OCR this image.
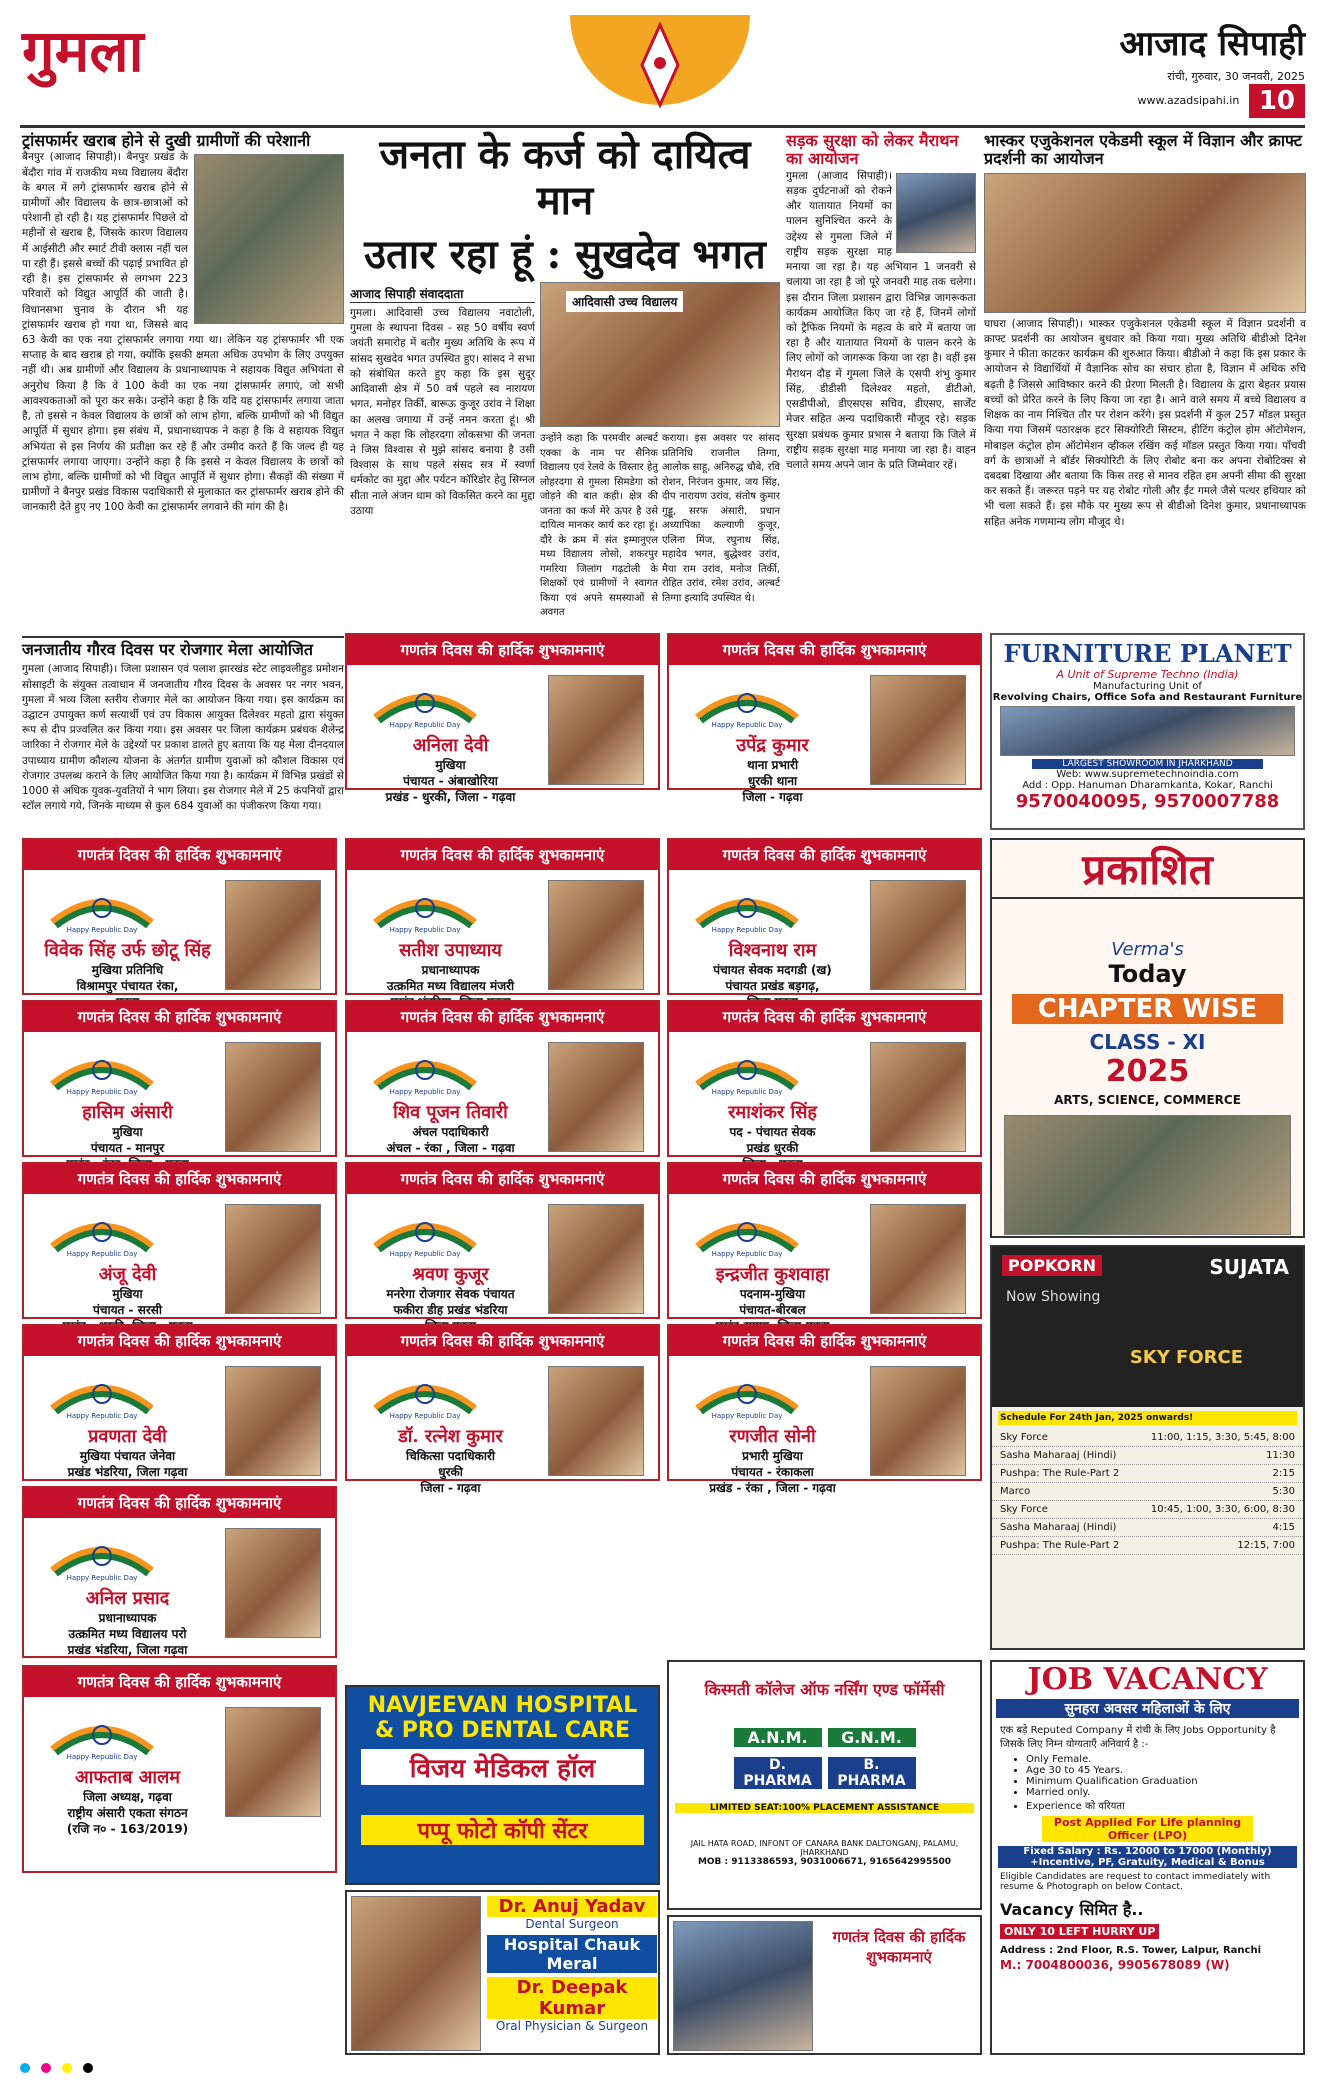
गुमला	आजाद सिपाही
रांची, गुरुवार, 30 जनवरी, 2025
www.azadsipahi.in 10
ट्रांसफार्मर खराब होने से दुखी ग्रामीणों की परेशानी
बैनपुर (आजाद सिपाही)। बैनपुर प्रखंड के बेंदौरा गांव में राजकीय मध्य विद्यालय बेंदौरा के बगल में लगे ट्रांसफार्मर खराब होने से ग्रामीणों और विद्यालय के छात्र-छात्राओं को परेशानी हो रही है। यह ट्रांसफार्मर पिछले दो महीनों से खराब है, जिसके कारण विद्यालय में आईसीटी और स्मार्ट टीवी क्लास नहीं चल पा रही हैं। इससे बच्चों की पढ़ाई प्रभावित हो रही है। इस ट्रांसफार्मर से लगभग 223 परिवारों को विद्युत आपूर्ति की जाती है। विधानसभा चुनाव के दौरान भी यह ट्रांसफार्मर खराब हो गया था, जिससे बाद 63 केवी का एक नया ट्रांसफार्मर लगाया गया था। लेकिन यह ट्रांसफार्मर भी एक सप्ताह के बाद खराब हो गया, क्योंकि इसकी क्षमता अधिक उपभोग के लिए उपयुक्त नहीं थी। अब ग्रामीणों और विद्यालय के प्रधानाध्यापक ने सहायक विद्युत अभियंता से अनुरोध किया है कि वे 100 केवी का एक नया ट्रांसफार्मर लगाएं, जो सभी आवश्यकताओं को पूरा कर सके। उन्होंने कहा है कि यदि यह ट्रांसफार्मर लगाया जाता है, तो इससे न केवल विद्यालय के छात्रों को लाभ होगा, बल्कि ग्रामीणों को भी विद्युत आपूर्ति में सुधार होगा। इस संबंध में, प्रधानाध्यापक ने कहा है कि वे सहायक विद्युत अभियंता से इस निर्णय की प्रतीक्षा कर रहे हैं और उम्मीद करते हैं कि जल्द ही यह ट्रांसफार्मर लगाया जाएगा। उन्होंने कहा है कि इससे न केवल विद्यालय के छात्रों को लाभ होगा, बल्कि ग्रामीणों को भी विद्युत आपूर्ति में सुधार होगा। सैकड़ों की संख्या में ग्रामीणों ने बैनपुर प्रखंड विकास पदाधिकारी से मुलाकात कर ट्रांसफार्मर खराब होने की जानकारी देते हुए नए 100 केवी का ट्रांसफार्मर लगवाने की मांग की है।
जनजातीय गौरव दिवस पर रोजगार मेला आयोजित
गुमला (आजाद सिपाही)। जिला प्रशासन एवं पलाश झारखंड स्टेट लाइवलीहुड प्रमोशन सोसाइटी के संयुक्त तत्वाधान में जनजातीय गौरव दिवस के अवसर पर नगर भवन, गुमला में भव्य जिला स्तरीय रोजगार मेले का आयोजन किया गया। इस कार्यक्रम का उद्घाटन उपायुक्त कर्ण सत्यार्थी एवं उप विकास आयुक्त दिलेश्वर महतो द्वारा संयुक्त रूप से दीप प्रज्वलित कर किया गया। इस अवसर पर जिला कार्यक्रम प्रबंधक शैलेन्द्र जारिका ने रोजगार मेले के उद्देश्यों पर प्रकाश डालते हुए बताया कि यह मेला दीनदयाल उपाध्याय ग्रामीण कौशल्य योजना के अंतर्गत ग्रामीण युवाओं को कौशल विकास एवं रोजगार उपलब्ध कराने के लिए आयोजित किया गया है। कार्यक्रम में विभिन्न प्रखंडों से 1000 से अधिक युवक-युवतियों ने भाग लिया। इस रोजगार मेले में 25 कंपनियों द्वारा स्टॉल लगाये गये, जिनके माध्यम से कुल 684 युवाओं का पंजीकरण किया गया।
जनता के कर्ज को दायित्व मान
उतार रहा हूं : सुखदेव भगत
आजाद सिपाही संवाददाता
गुमला। आदिवासी उच्च विद्यालय नवाटोली, गुमला के स्थापना दिवस - सह 50 वर्षीय स्वर्ण जयंती समारोह में बतौर मुख्य अतिथि के रूप में सांसद सुखदेव भगत उपस्थित हुए। सांसद ने सभा को संबोधित करते हुए कहा कि इस सुदूर आदिवासी क्षेत्र में 50 वर्ष पहले स्व नारायण भगत, मनोहर तिर्की, बारूऊ कुजूर उरांव ने शिक्षा का अलख जगाया में उन्हें नमन करता हूं। श्री भगत ने कहा कि लोहरदगा लोकसभा की जनता ने जिस विश्वास से मुझे सांसद बनाया है उसी विश्वास के साथ पहले संसद सत्र में स्वर्णा धर्मकोट का मुद्दा और पर्यटन कॉरिडोर हेतु सिग्नल सीता नाले अंजन धाम को विकसित करने का मुद्दा उठाया
आदिवासी उच्च विद्यालय
उन्होंने कहा कि परमवीर अल्बर्ट एक्का के नाम पर सैनिक विद्यालय एवं रेलवे के विस्तार हेतु लोहरदगा से गुमला सिमडेगा को जोड़ने की बात कही। क्षेत्र की जनता का कर्ज मेरे ऊपर है उसे दायित्व मानकर कार्य कर रहा हूं। दौरे के क्रम में संत इम्मानुएल मध्य विद्यालय लोसो, शकरपुर गमरिया जिलांग गढ़टोली के शिक्षकों एवं ग्रामीणों ने स्वागत किया एवं अपने समस्याओं से अवगत
कराया। इस अवसर पर सांसद प्रतिनिधि राजनील तिग्गा, आलोक साहू, अनिरुद्ध चौबे, रवि रोशन, निरंजन कुमार, जय सिंह, दीप नारायण उरांव, संतोष कुमार गुड्डू, सरफ अंसारी, प्रधान अध्यापिका कल्याणी कुजूर, एलिना मिंज, रघुनाथ सिंह, महादेव भगत, बुद्धेश्वर उरांव, मैया राम उरांव, मनोज तिर्की, रोहित उरांव, रमेश उरांव, अल्बर्ट तिग्गा इत्यादि उपस्थित थे।
सड़क सुरक्षा को लेकर मैराथन का आयोजन
गुमला (आजाद सिपाही)। सड़क दुर्घटनाओं को रोकने और यातायात नियमों का पालन सुनिश्चित करने के उद्देश्य से गुमला जिले में राष्ट्रीय सड़क सुरक्षा माह मनाया जा रहा है। यह अभियान 1 जनवरी से चलाया जा रहा है जो पूरे जनवरी माह तक चलेगा। इस दौरान जिला प्रशासन द्वारा विभिन्न जागरूकता कार्यक्रम आयोजित किए जा रहे हैं, जिनमें लोगों को ट्रैफिक नियमों के महत्व के बारे में बताया जा रहा है और यातायात नियमों के पालन करने के लिए लोगों को जागरूक किया जा रहा है। वहीं इस मैराथन दौड़ में गुमला जिले के एसपी शंभु कुमार सिंह, डीडीसी दिलेश्वर महतो, डीटीओ, एसडीपीओ, डीएसएस सचिव, डीएसए, सार्जेंट मेजर सहित अन्य पदाधिकारी मौजूद रहे। सड़क सुरक्षा प्रबंधक कुमार प्रभास ने बताया कि जिले में राष्ट्रीय सड़क सुरक्षा माह मनाया जा रहा है। वाहन चलाते समय अपने जान के प्रति जिम्मेवार रहें।
भास्कर एजुकेशनल एकेडमी स्कूल में विज्ञान और क्राफ्ट प्रदर्शनी का आयोजन
घाघरा (आजाद सिपाही)। भास्कर एजुकेशनल एकेडमी स्कूल में विज्ञान प्रदर्शनी व क्राफ्ट प्रदर्शनी का आयोजन बुधवार को किया गया। मुख्य अतिथि बीडीओ दिनेश कुमार ने फीता काटकर कार्यक्रम की शुरुआत किया। बीडीओ ने कहा कि इस प्रकार के आयोजन से विद्यार्थियों में वैज्ञानिक सोच का संचार होता है, विज्ञान में अधिक रुचि बढ़ती है जिससे आविष्कार करने की प्रेरणा मिलती है। विद्यालय के द्वारा बेहतर प्रयास बच्चों को प्रेरित करने के लिए किया जा रहा है। आने वाले समय में बच्चे विद्यालय व शिक्षक का नाम निश्चित तौर पर रोशन करेंगे। इस प्रदर्शनी में कुल 257 मॉडल प्रस्तुत किया गया जिसमें पठारक्षक हटर सिक्योरिटी सिस्टम, हीटिंग कंट्रोल होम ऑटोमेशन, मोबाइल कंट्रोल होम ऑटोमेशन व्हीकल रखिंग कई मॉडल प्रस्तुत किया गया। पाँचवी वर्ग के छात्राओं ने बॉर्डर सिक्योरिटी के लिए रोबोट बना कर अपना रोबोटिक्स से दबदबा दिखाया और बताया कि किस तरह से मानव रहित हम अपनी सीमा की सुरक्षा कर सकते हैं। जरूरत पड़ने पर यह रोबोट गोली और ईंट गमले जैसे पत्थर हथियार को भी चला सकते हैं। इस मौके पर मुख्य रूप से बीडीओ दिनेश कुमार, प्रधानाध्यापक सहित अनेक गणमान्य लोग मौजूद थे।
गणतंत्र दिवस की हार्दिक शुभकामनाएं
Happy Republic Day
अनिला देवी
मुखिया
पंचायत - अंबाखोरिया
प्रखंड - धुरकी, जिला - गढ़वा
गणतंत्र दिवस की हार्दिक शुभकामनाएं
Happy Republic Day
उपेंद्र कुमार
थाना प्रभारी
धुरकी थाना
जिला - गढ़वा
गणतंत्र दिवस की हार्दिक शुभकामनाएं
Happy Republic Day
विवेक सिंह उर्फ छोटू सिंह
मुखिया प्रतिनिधि
विश्रामपुर पंचायत रंका,
गणतंत्र दिवस की हार्दिक शुभकामनाएं
Happy Republic Day
सतीश उपाध्याय
प्रधानाध्यापक
उत्क्रमित मध्य विद्यालय मंजरी
गणतंत्र दिवस की हार्दिक शुभकामनाएं
Happy Republic Day
विश्वनाथ राम
पंचायत सेवक मदगडी (ख)
पंचायत प्रखंड बड़गढ़,
गणतंत्र दिवस की हार्दिक शुभकामनाएं
Happy Republic Day
हासिम अंसारी
मुखिया
पंचायत - मानपुर
गणतंत्र दिवस की हार्दिक शुभकामनाएं
Happy Republic Day
शिव पूजन तिवारी
अंचल पदाधिकारी
अंचल - रंका , जिला - गढ़वा
गणतंत्र दिवस की हार्दिक शुभकामनाएं
Happy Republic Day
रमाशंकर सिंह
पद - पंचायत सेवक
प्रखंड धुरकी
गणतंत्र दिवस की हार्दिक शुभकामनाएं
Happy Republic Day
अंजू देवी
मुखिया
पंचायत - सरसी
गणतंत्र दिवस की हार्दिक शुभकामनाएं
Happy Republic Day
श्रवण कुजूर
मनरेगा रोजगार सेवक पंचायत
फकीरा डीह प्रखंड भंडरिया
गणतंत्र दिवस की हार्दिक शुभकामनाएं
Happy Republic Day
इन्द्रजीत कुशवाहा
पदनाम-मुखिया
पंचायत-बीरबल
गणतंत्र दिवस की हार्दिक शुभकामनाएं
Happy Republic Day
प्रवणता देवी
मुखिया पंचायत जेनेवा
प्रखंड भंडरिया, जिला गढ़वा
गणतंत्र दिवस की हार्दिक शुभकामनाएं
Happy Republic Day
डॉ. रत्नेश कुमार
चिकित्सा पदाधिकारी
धुरकी
जिला - गढ़वा
गणतंत्र दिवस की हार्दिक शुभकामनाएं
Happy Republic Day
रणजीत सोनी
प्रभारी मुखिया
पंचायत - रंकाकला
प्रखंड - रंका , जिला - गढ़वा
गणतंत्र दिवस की हार्दिक शुभकामनाएं
Happy Republic Day
अनिल प्रसाद
प्रधानाध्यापक
उत्क्रमित मध्य विद्यालय परो
प्रखंड भंडरिया, जिला गढ़वा
गणतंत्र दिवस की हार्दिक शुभकामनाएं
Happy Republic Day
आफताब आलम
जिला अध्यक्ष, गढ़वा
राष्ट्रीय अंसारी एकता संगठन
(रजि न० - 163/2019)
FURNITURE PLANET
A Unit of Supreme Techno (India)
Manufacturing Unit of
Revolving Chairs, Office Sofa and Restaurant Furniture
LARGEST SHOWROOM IN JHARKHAND
Web: www.supremetechnoindia.com
Add : Opp. Hanuman Dharamkanta, Kokar, Ranchi
9570040095, 9570007788
प्रकाशित
Verma's
Today
CHAPTER WISE
CLASS - XI
2025
ARTS, SCIENCE, COMMERCE
POPKORN	SUJATA
Now Showing
SKY FORCE
Schedule For 24th Jan, 2025 onwards!
Sky Force	11:00, 1:15, 3:30, 5:45, 8:00
Sasha Maharaaj (Hindi)	11:30
Pushpa: The Rule-Part 2	2:15
Marco	5:30
Sky Force	10:45, 1:00, 3:30, 6:00, 8:30
Sasha Maharaaj (Hindi)	4:15
Pushpa: The Rule-Part 2	12:15, 7:00
NAVJEEVAN HOSPITAL
& PRO DENTAL CARE
विजय मेडिकल हॉल
पप्पू फोटो कॉपी सेंटर
Dr. Anuj Yadav
Dental Surgeon
Hospital Chauk Meral
Dr. Deepak Kumar
Oral Physician & Surgeon
किस्मती कॉलेज ऑफ नर्सिंग एण्ड फॉर्मेसी
A.N.M.	G.N.M.
D. PHARMA
B. PHARMA
LIMITED SEAT:100% PLACEMENT ASSISTANCE
JAIL HATA ROAD, INFONT OF CANARA BANK DALTONGANJ, PALAMU, JHARKHAND
MOB : 9113386593, 9031006671, 9165642995500
गणतंत्र दिवस की हार्दिक शुभकामनाएं
JOB VACANCY
सुनहरा अवसर महिलाओं के लिए
एक बड़े Reputed Company में रांची के लिए Jobs Opportunity है जिसके लिए निम्न योग्यताएँ अनिवार्य है :-
• Only Female.
• Age 30 to 45 Years.
• Minimum Qualification Graduation
• Married only.
• Experience को वरियता
Post Applied For Life planning Officer (LPO)
Fixed Salary : Rs. 12000 to 17000 (Monthly) +Incentive, PF, Gratuity, Medical & Bonus
Eligible Candidates are request to contact immediately with resume & Photograph on below Contact.
Vacancy सिमित है..
ONLY 10 LEFT HURRY UP
Address : 2nd Floor, R.S. Tower, Lalpur, Ranchi
M.: 7004800036, 9905678089 (W)
